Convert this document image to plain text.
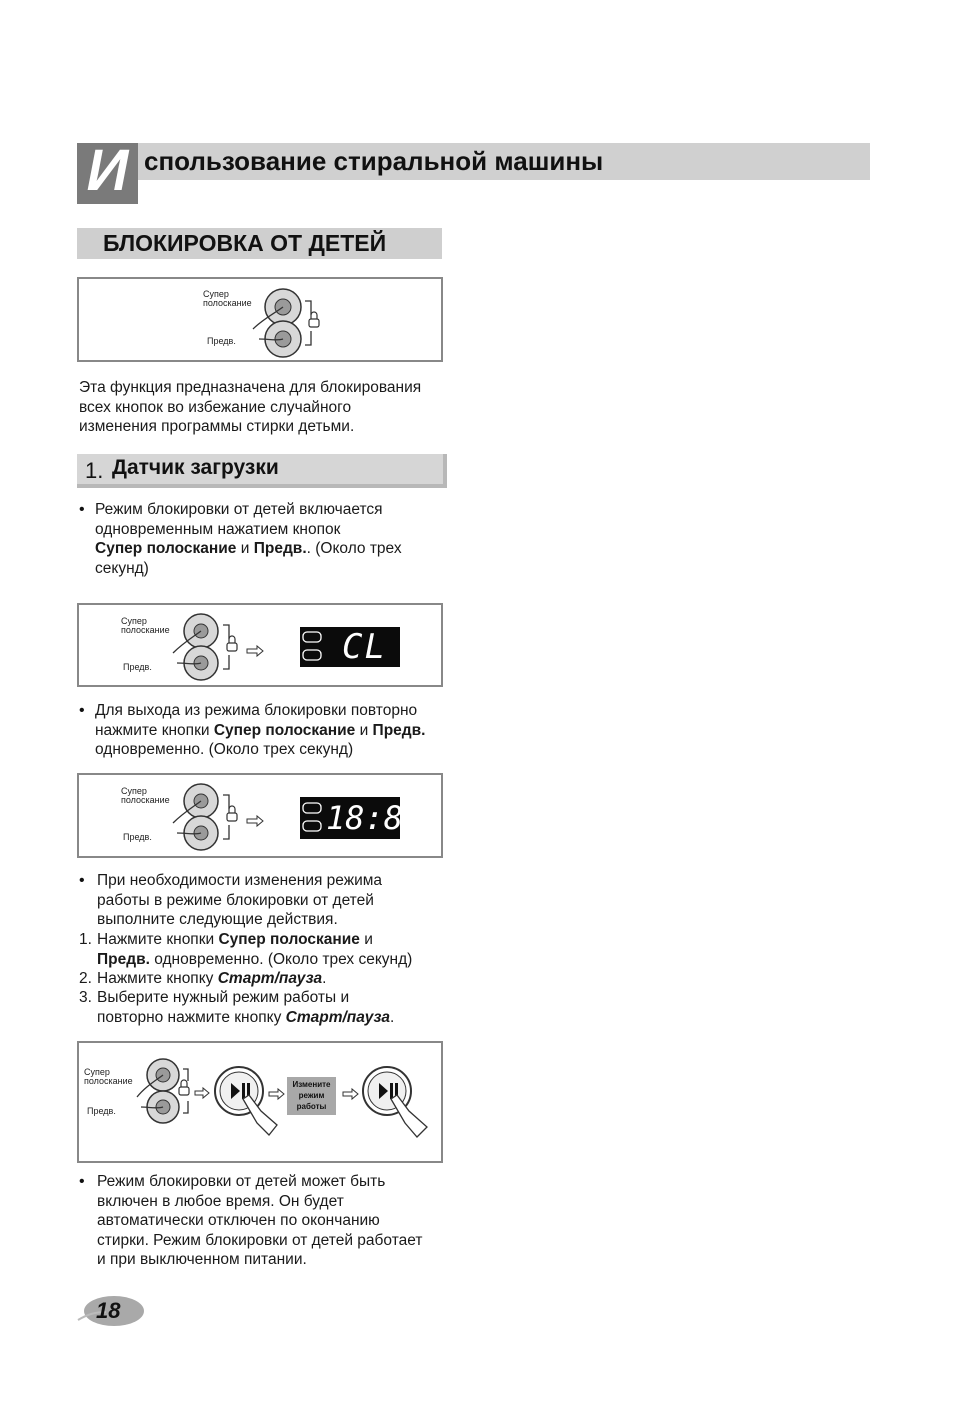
И спользование стиральной машины
БЛОКИРОВКА ОТ ДЕТЕЙ
Супер
полоскание
Предв.
Эта функция предназначена для блокирования
всех кнопок во избежание случайного
изменения программы стирки детьми.
1. Датчик загрузки
• Режим блокировки от детей включается
одновременным нажатием кнопок
Супер полоскание и Предв.. (Около трех
секунд)
Супер
полоскание
Предв.	CL
• Для выхода из режима блокировки повторно
нажмите кнопки Супер полоскание и Предв.
одновременно. (Около трех секунд)
Супер
полоскание
Предв.	18:88
• При необходимости изменения режима
работы в режиме блокировки от детей
выполните следующие действия.
1. Нажмите кнопки Супер полоскание и
Предв. одновременно. (Около трех секунд)
2. Нажмите кнопку Старт/пауза.
3. Выберите нужный режим работы и
повторно нажмите кнопку Старт/пауза.
Супер
полоскание
Предв.
Измените
режим
работы
• Режим блокировки от детей может быть
включен в любое время. Он будет
автоматически отключен по окончанию
стирки. Режим блокировки от детей работает
и при выключенном питании.
18
